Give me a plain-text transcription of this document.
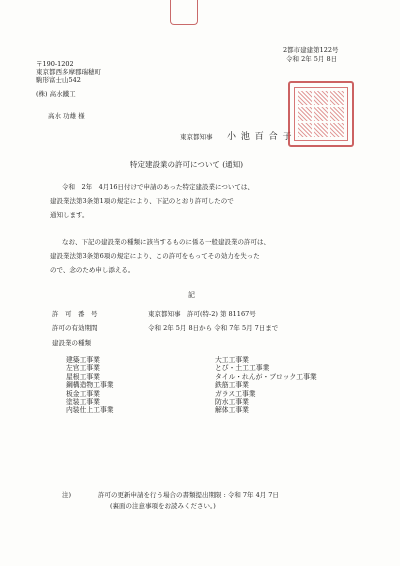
2都市建建第122号
令和 2年 5月 8日
〒190-1202
東京都西多摩郡瑞穂町
駒形富士山542
(株) 高水鐵工
高水 功雄 様
東京都知事 小 池 百 合 子
特定建設業の許可について (通知)
令和　2年　4月16日付けで申請のあった特定建設業については、
建設業法第3条第1項の規定により、下記のとおり許可したので
通知します。
なお、下記の建設業の種類に該当するものに係る一般建設業の許可は、
建設業法第3条第6項の規定により、この許可をもってその効力を失った
ので、念のため申し添える。
記
許　可　番　号	東京都知事　許可(特-2) 第 81167号
許可の有効期間	令和 2年 5月 8日から 令和 7年 5月 7日まで
建設業の種類
建築工事業
左官工事業
屋根工事業
鋼構造物工事業
板金工事業
塗装工事業
内装仕上工事業
大工工事業
とび・土工工事業
タイル・れんが・ブロック工事業
鉄筋工事業
ガラス工事業
防水工事業
解体工事業
注)	許可の更新申請を行う場合の書類提出期限 : 令和 7年 4月 7日
(裏面の注意事項をお読みください。)
